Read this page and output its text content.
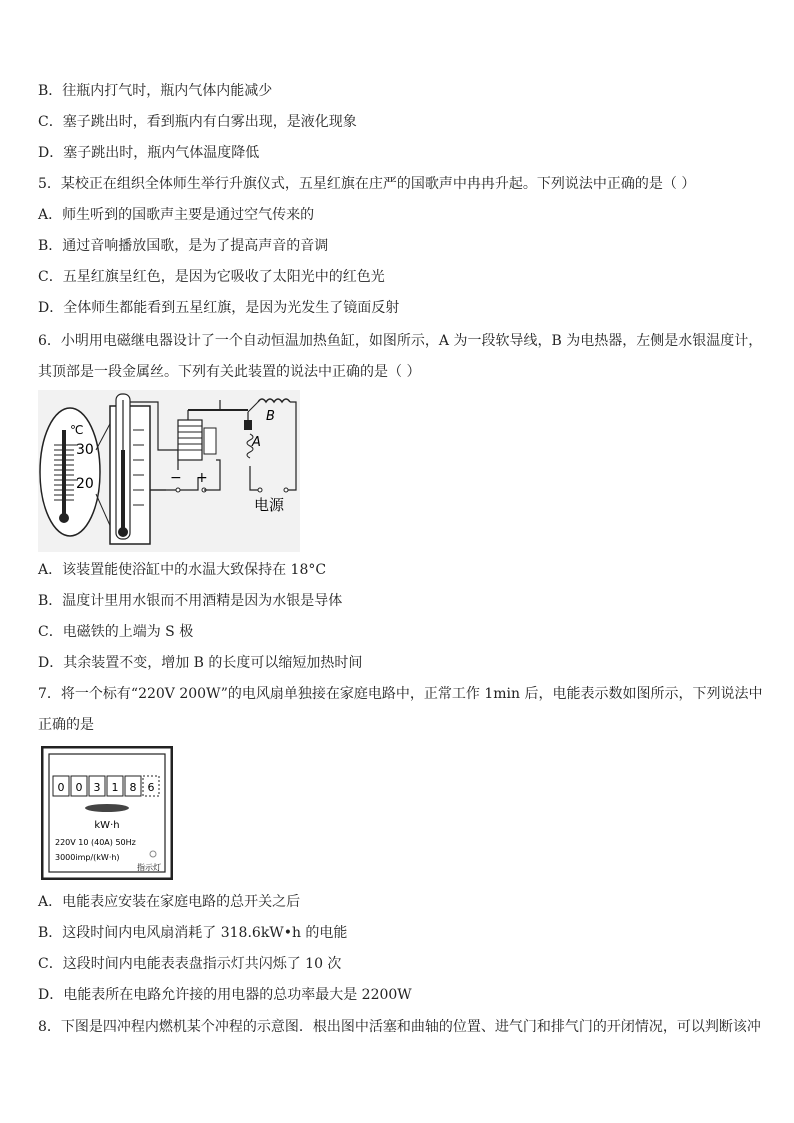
B．往瓶内打气时，瓶内气体内能减少
C．塞子跳出时，看到瓶内有白雾出现，是液化现象
D．塞子跳出时，瓶内气体温度降低
5．某校正在组织全体师生举行升旗仪式，五星红旗在庄严的国歌声中冉冉升起。下列说法中正确的是（ ）
A．师生听到的国歌声主要是通过空气传来的
B．通过音响播放国歌，是为了提高声音的音调
C．五星红旗呈红色，是因为它吸收了太阳光中的红色光
D．全体师生都能看到五星红旗，是因为光发生了镜面反射
6．小明用电磁继电器设计了一个自动恒温加热鱼缸，如图所示，A 为一段软导线，B 为电热器，左侧是水银温度计，
其顶部是一段金属丝。下列有关此装置的说法中正确的是（ ）
℃
30
20
A
B
电源
− +
A．该装置能使浴缸中的水温大致保持在 18°C
B．温度计里用水银而不用酒精是因为水银是导体
C．电磁铁的上端为 S 极
D．其余装置不变，增加 B 的长度可以缩短加热时间
7．将一个标有“220V 200W”的电风扇单独接在家庭电路中，正常工作 1min 后，电能表示数如图所示，下列说法中
正确的是
0 0 3 1 8 6
kW·h
220V 10 (40A) 50Hz
3000imp/(kW·h)
指示灯
A．电能表应安装在家庭电路的总开关之后
B．这段时间内电风扇消耗了 318.6kW•h 的电能
C．这段时间内电能表表盘指示灯共闪烁了 10 次
D．电能表所在电路允许接的用电器的总功率最大是 2200W
8．下图是四冲程内燃机某个冲程的示意图．根出图中活塞和曲轴的位置、进气门和排气门的开闭情况，可以判断该冲
